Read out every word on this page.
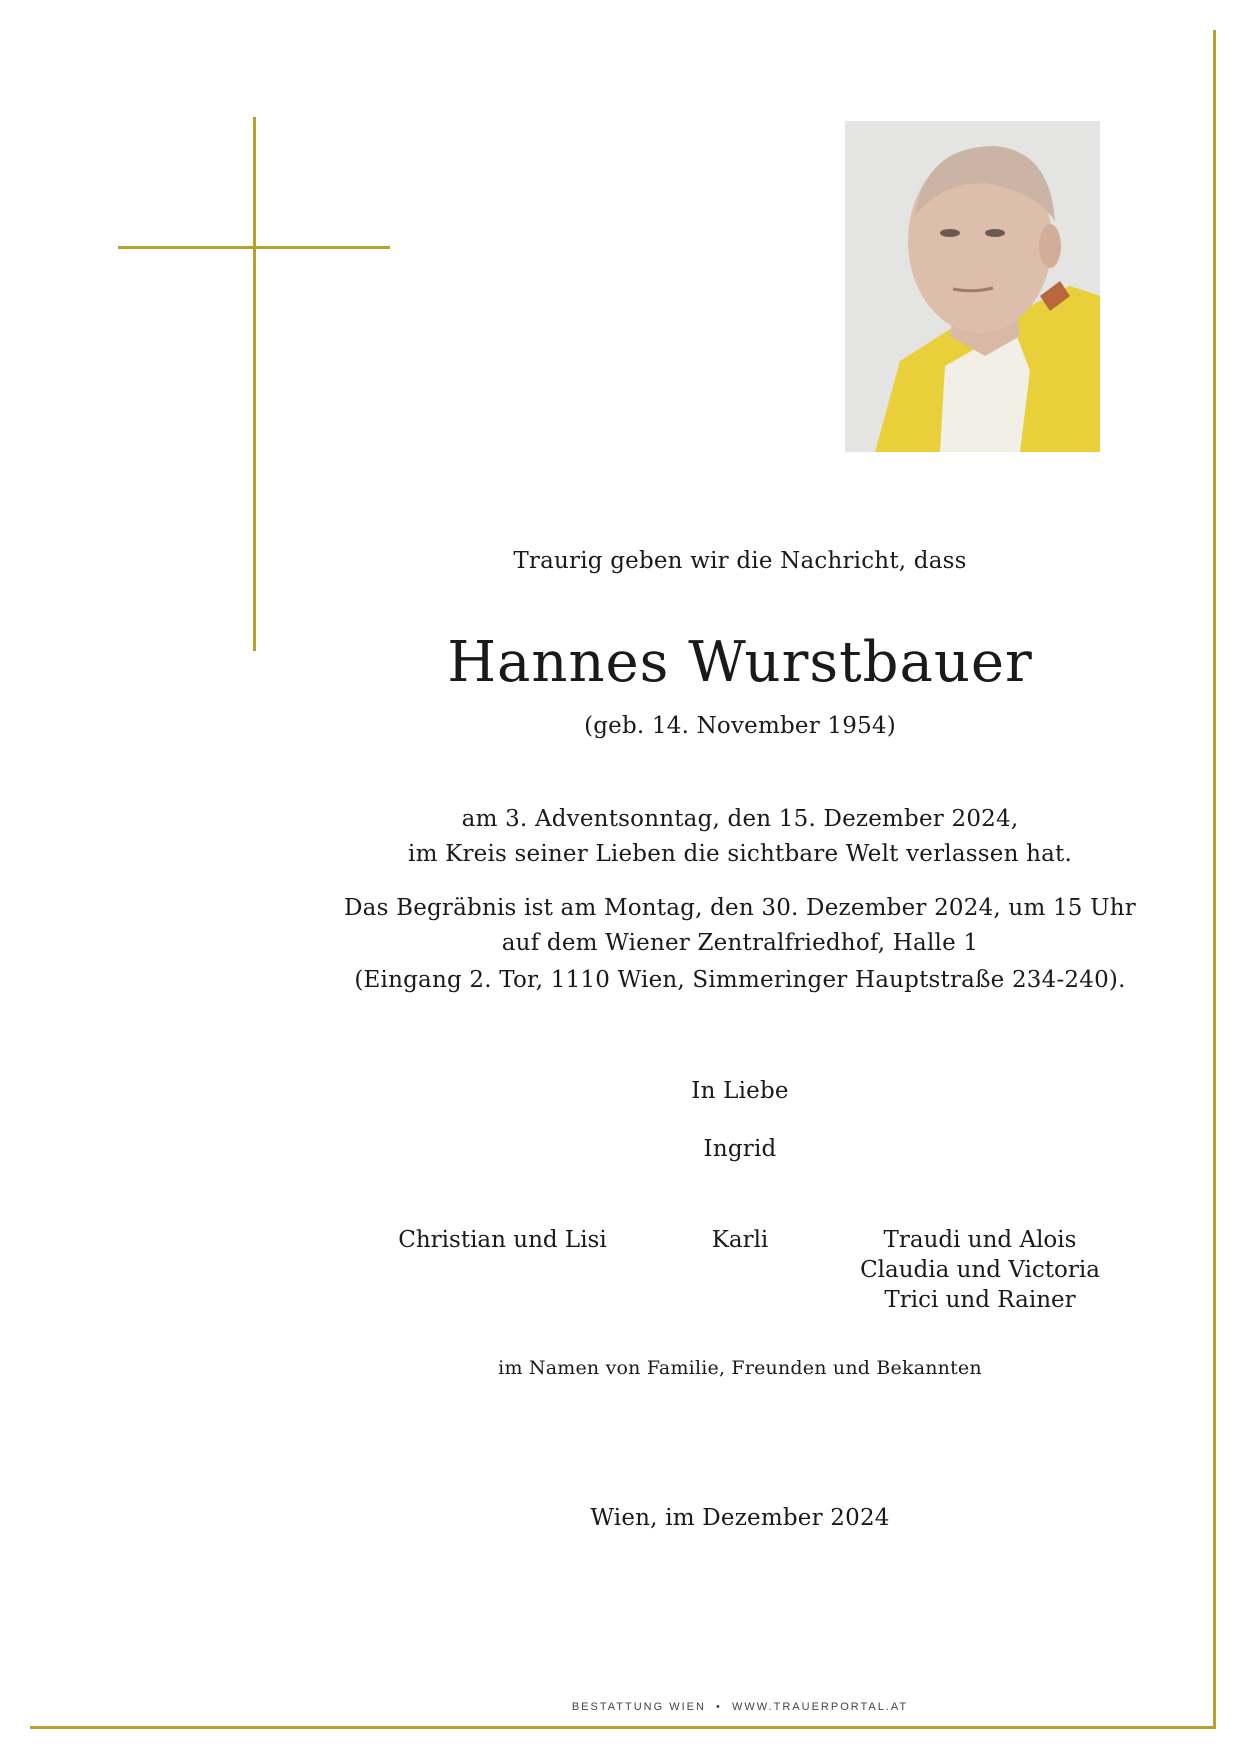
Traurig geben wir die Nachricht, dass
Hannes Wurstbauer
(geb. 14. November 1954)
am 3. Adventsonntag, den 15. Dezember 2024,
im Kreis seiner Lieben die sichtbare Welt verlassen hat.
Das Begräbnis ist am Montag, den 30. Dezember 2024, um 15 Uhr
auf dem Wiener Zentralfriedhof, Halle 1
(Eingang 2. Tor, 1110 Wien, Simmeringer Hauptstraße 234-240).
In Liebe
Ingrid
Christian und Lisi	Karli	Traudi und Alois
Claudia und Victoria
Trici und Rainer
im Namen von Familie, Freunden und Bekannten
Wien, im Dezember 2024
BESTATTUNG WIEN • WWW.TRAUERPORTAL.AT
